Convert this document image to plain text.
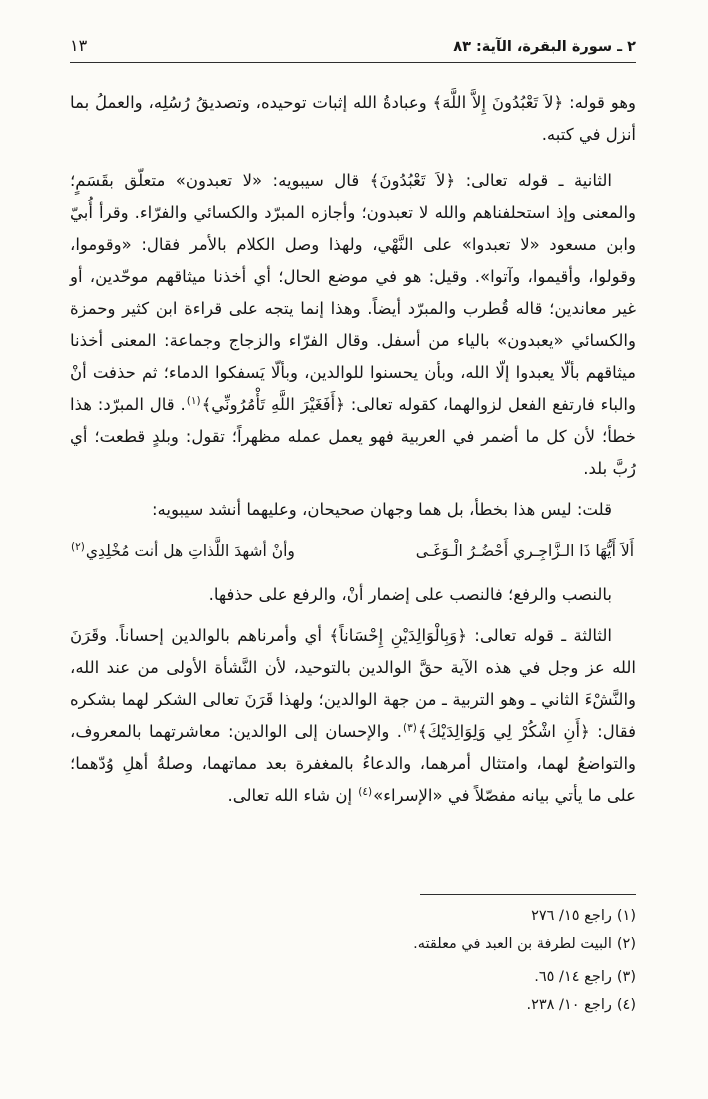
٢ ـ سورة البقرة، الآية: ٨٣
١٣

وهو قوله: ﴿لاَ تَعْبُدُونَ إِلاَّ اللَّهَ﴾ وعبادةُ الله إثبات توحيده، وتصديقُ رُسُلِه، والعملُ بما أنزل في كتبه.

الثانية ـ قوله تعالى: ﴿لاَ تَعْبُدُونَ﴾ قال سيبويه: «لا تعبدون» متعلّق بقَسَمٍ؛ والمعنى وإذ استحلفناهم والله لا تعبدون؛ وأجازه المبرّد والكسائي والفرّاء. وقرأ أُبيّ وابن مسعود «لا تعبدوا» على النَّهْي، ولهذا وصل الكلام بالأمر فقال: «وقوموا، وقولوا، وأقيموا، وآتوا». وقيل: هو في موضع الحال؛ أي أخذنا ميثاقهم موحّدين، أو غير معاندين؛ قاله قُطرب والمبرّد أيضاً. وهذا إنما يتجه على قراءة ابن كثير وحمزة والكسائي «يعبدون» بالياء من أسفل. وقال الفرّاء والزجاج وجماعة: المعنى أخذنا ميثاقهم بألّا يعبدوا إلّا الله، وبأن يحسنوا للوالدين، وبألّا يَسفكوا الدماء؛ ثم حذفت أنْ والباء فارتفع الفعل لزوالهما، كقوله تعالى: ﴿أَفَغَيْرَ اللَّهِ تَأْمُرُونِّي﴾$^{(١)}$. قال المبرّد: هذا خطأ؛ لأن كل ما أضمر في العربية فهو يعمل عمله مظهراً؛ تقول: وبلدٍ قطعت؛ أي رُبَّ بلد.

قلت: ليس هذا بخطأ، بل هما وجهان صحيحان، وعليهما أنشد سيبويه:

أَلاَ أَيُّهَا ذَا الـزَّاجِـري أَحْضُـرُ الْـوَغَـى
وأنْ أشهدَ اللَّذاتِ هل أنت مُخْلِدِي$^{(٢)}$

بالنصب والرفع؛ فالنصب على إضمار أنْ، والرفع على حذفها.

الثالثة ـ قوله تعالى: ﴿وَبِالْوَالِدَيْنِ إِحْسَاناً﴾ أي وأمرناهم بالوالدين إحساناً. وقَرَنَ الله عز وجل في هذه الآية حقَّ الوالدين بالتوحيد، لأن النَّشأة الأولى من عند الله، والنَّشْءَ الثاني ـ وهو التربية ـ من جهة الوالدين؛ ولهذا قَرَنَ تعالى الشكر لهما بشكره فقال: ﴿أَنِ اشْكُرْ لِي وَلِوَالِدَيْكَ﴾$^{(٣)}$. والإحسان إلى الوالدين: معاشرتهما بالمعروف، والتواضعُ لهما، وامتثال أمرهما، والدعاءُ بالمغفرة بعد مماتهما، وصلةُ أهلِ وُدّهما؛ على ما يأتي بيانه مفصّلاً في «الإسراء»$^{(٤)}$ إن شاء الله تعالى.

(١)راجع ١٥/ ٢٧٦
(٢)البيت لطرفة بن العبد في معلقته.
(٣)راجع ١٤/ ٦٥.
(٤)راجع ١٠/ ٢٣٨.
